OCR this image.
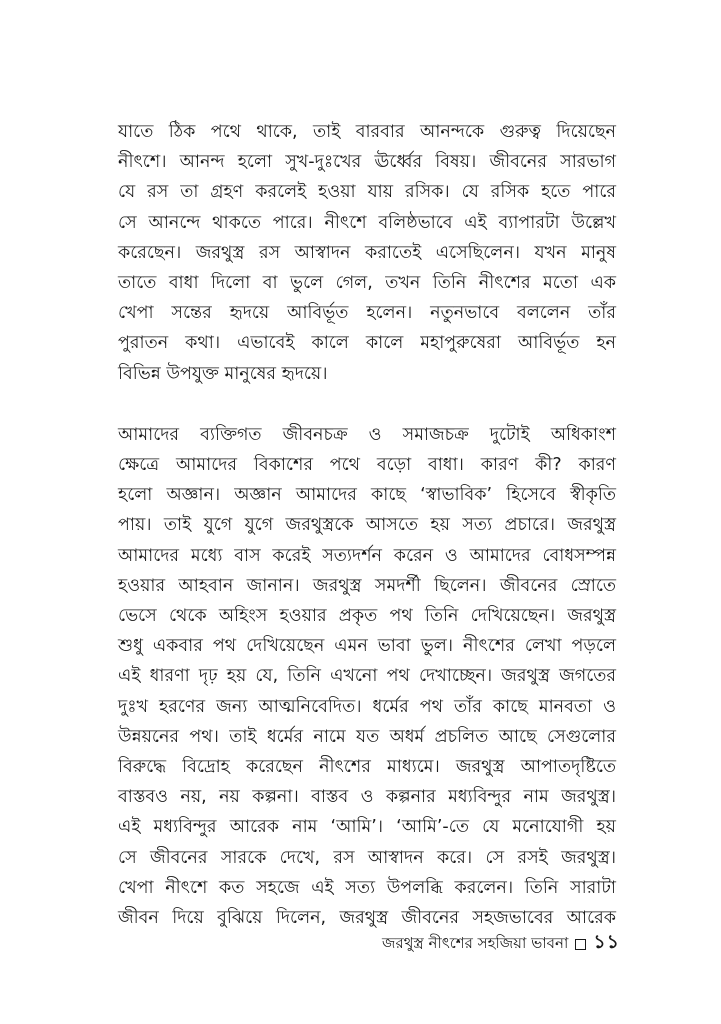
যাতে ঠিক পথে থাকে, তাই বারবার আনন্দকে গুরুত্ব দিয়েছেন
নীৎশে। আনন্দ হলো সুখ-দুঃখের ঊর্ধ্বের বিষয়। জীবনের সারভাগ
যে রস তা গ্রহণ করলেই হওয়া যায় রসিক। যে রসিক হতে পারে
সে আনন্দে থাকতে পারে। নীৎশে বলিষ্ঠভাবে এই ব্যাপারটা উল্লেখ
করেছেন। জরথুস্ত্র রস আস্বাদন করাতেই এসেছিলেন। যখন মানুষ
তাতে বাধা দিলো বা ভুলে গেল, তখন তিনি নীৎশের মতো এক
খেপা সন্তের হৃদয়ে আবির্ভূত হলেন। নতুনভাবে বললেন তাঁর
পুরাতন কথা। এভাবেই কালে কালে মহাপুরুষেরা আবির্ভূত হন
বিভিন্ন উপযুক্ত মানুষের হৃদয়ে।
আমাদের ব্যক্তিগত জীবনচক্র ও সমাজচক্র দুটোই অধিকাংশ
ক্ষেত্রে আমাদের বিকাশের পথে বড়ো বাধা। কারণ কী? কারণ
হলো অজ্ঞান। অজ্ঞান আমাদের কাছে ‘স্বাভাবিক’ হিসেবে স্বীকৃতি
পায়। তাই যুগে যুগে জরথুস্ত্রকে আসতে হয় সত্য প্রচারে। জরথুস্ত্র
আমাদের মধ্যে বাস করেই সত্যদর্শন করেন ও আমাদের বোধসম্পন্ন
হওয়ার আহবান জানান। জরথুস্ত্র সমদর্শী ছিলেন। জীবনের স্রোতে
ভেসে থেকে অহিংস হওয়ার প্রকৃত পথ তিনি দেখিয়েছেন। জরথুস্ত্র
শুধু একবার পথ দেখিয়েছেন এমন ভাবা ভুল। নীৎশের লেখা পড়লে
এই ধারণা দৃঢ় হয় যে, তিনি এখনো পথ দেখাচ্ছেন। জরথুস্ত্র জগতের
দুঃখ হরণের জন্য আত্মনিবেদিত। ধর্মের পথ তাঁর কাছে মানবতা ও
উন্নয়নের পথ। তাই ধর্মের নামে যত অধর্ম প্রচলিত আছে সেগুলোর
বিরুদ্ধে বিদ্রোহ করেছেন নীৎশের মাধ্যমে। জরথুস্ত্র আপাতদৃষ্টিতে
বাস্তবও নয়, নয় কল্পনা। বাস্তব ও কল্পনার মধ্যবিন্দুর নাম জরথুস্ত্র।
এই মধ্যবিন্দুর আরেক নাম ‘আমি’। ‘আমি’-তে যে মনোযোগী হয়
সে জীবনের সারকে দেখে, রস আস্বাদন করে। সে রসই জরথুস্ত্র।
খেপা নীৎশে কত সহজে এই সত্য উপলব্ধি করলেন। তিনি সারাটা
জীবন দিয়ে বুঝিয়ে দিলেন, জরথুস্ত্র জীবনের সহজভাবের আরেক
জরথুস্ত্র নীৎশের সহজিয়া ভাবনা ১১
